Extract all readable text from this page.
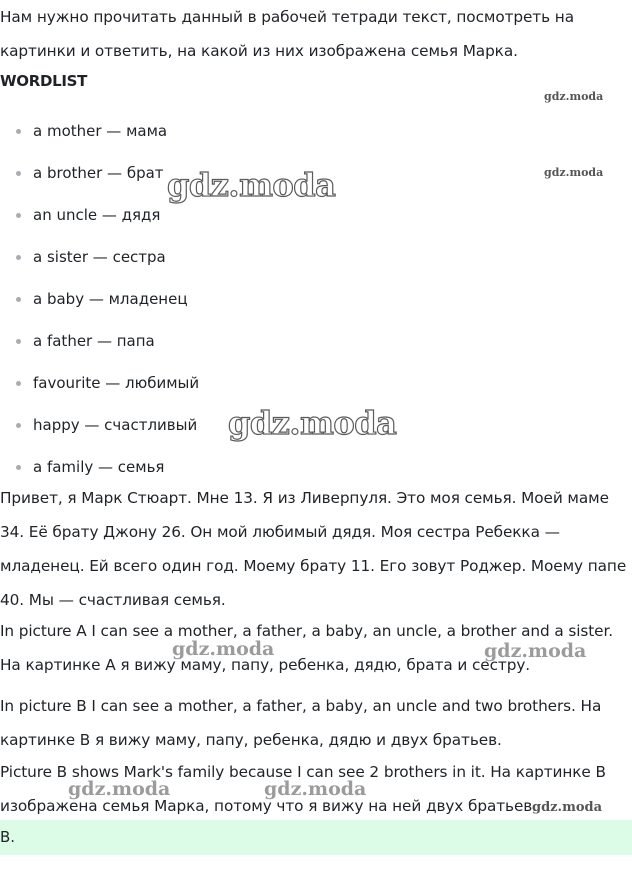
Нам нужно прочитать данный в рабочей тетради текст, посмотреть на картинки и ответить, на какой из них изображена семья Марка.

WORDLIST
a mother — мама
a brother — брат
an uncle — дядя
a sister — сестра
a baby — младенец
a father — папа
favourite — любимый
happy — счастливый
a family — семья

Привет, я Марк Стюарт. Мне 13. Я из Ливерпуля. Это моя семья. Моей маме 34. Её брату Джону 26. Он мой любимый дядя. Моя сестра Ребекка — младенец. Ей всего один год. Моему брату 11. Его зовут Роджер. Моему папе 40. Мы — счастливая семья.

In picture A I can see a mother, a father, a baby, an uncle, a brother and a sister. На картинке А я вижу маму, папу, ребенка, дядю, брата и сестру.

In picture B I can see a mother, a father, a baby, an uncle and two brothers. На картинке В я вижу маму, папу, ребенка, дядю и двух братьев.

Picture B shows Mark's family because I can see 2 brothers in it. На картинке В изображена семья Марка, потому что я вижу на ней двух братьев.

B.
gdz.moda
gdz.moda
gdz.moda
gdz.moda
gdz.moda	gdz.moda
gdz.moda	gdz.moda
gdz.moda
